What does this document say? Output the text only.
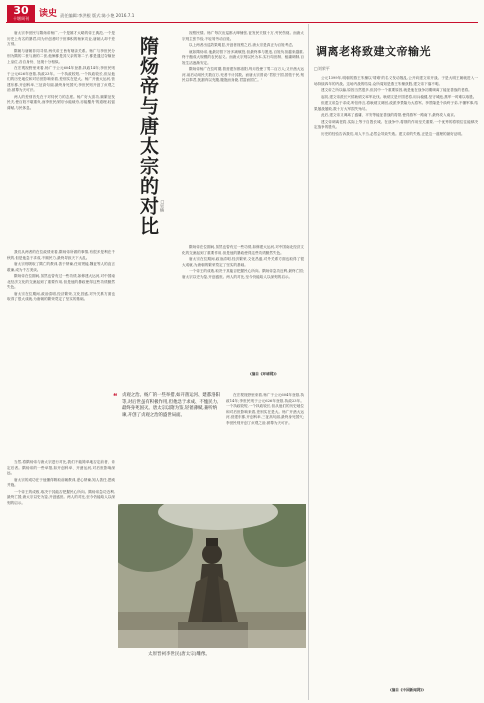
30
十堰周刊	读史 责任编辑:李洪根 版式:陈小艳 2016.7.1

唐太宗李世民与隋炀帝杨广,一个是雄才大略的帝王典范,一个是历史上有名的暴君,同为开创者时于世事积的杨家功业,唐朝人却千差万别。

隋朝与唐朝非同寻常,两代帝王皆有姻亲关系。杨广与李世民分别为隋的二世与唐的二世,他俩都是其父亲的第二子,都是通过夺嫡登上皇位,各自身份、处境十分相似。

在宏观视野里来看,杨广于公元604年登基,执政14年;李世民则于公元626年登基,执政23年。一个执政较短,一个执政较长,但从他们的历史地位和对后世影响来看,差别实在是大。杨广开凿大运河,营建东都,开创科举,三征高句丽,最终身死国灭;李世民则开创了贞观之治,被尊为天可汗。

两人的差别首先在于对待民力的态度。杨广好大喜功,频繁征发民夫,使百姓不堪重负,而李世民深知'水能载舟,亦能覆舟'的道理,轻徭薄赋,与民休息。

我们从两者的在位政绩来看,隋炀帝所做的事情,有很多是利在千秋的,但是他急于求成,不顾民力,最终导致天下大乱。

唐太宗则吸取了隋亡的教训,善于纳谏,任用贤能,魏征等人的直言敢谏,成为千古美谈。

隋炀帝在位期间,虽然也曾有过一些功绩,如修建大运河,对中国南北经济文化的交流起到了重要作用,但是他的暴政使得这些功绩黯然失色。

唐太宗在位期间,政治清明,经济繁荣,文化昌盛,对外关系方面也取得了很大成就,为唐朝的繁荣奠定了坚实的基础。

当然,将隋炀帝与唐太宗进行对比,我们不能简单地否定前者、肯定后者。隋炀帝的一些举措,如开创科举、开凿运河,对后世影响深远。

唐太宗的成功在于他懂得吸取前朝教训,虚心纳谏,知人善任,恩威并施。

一个帝王的成败,取决于其能否把握民心所向。隋炀帝急功近利,最终亡国;唐太宗以史为鉴,开创盛世。两人的对比,至今仍能给人以深刻的启示。

隋炀帝与唐太宗的对比 □吴楠

视察民情。杨广每次出巡都大肆铺张,征发民夫数十万,劳民伤财。而唐太宗则主张节俭,不轻易劳动百姓。

以上两者出巡效果明显,开创者视察之后,唐太宗是真正为百姓考虑。

就如隋炀帝,他最初曾下旨多减赋役,但最终事与愿违,百姓负担越来越重,终于酿成大规模的农民起义。而唐太宗则以民为本,实行均田制、租庸调制,百姓生活逐渐安定。

隋炀帝杨广在位时期,曾营建东都洛阳,每月役使丁男二百万人;又开凿大运河,前后动用民夫数百万,死者不计其数。而唐太宗曾说:'君依于国,国依于民,刻民以奉君,犹割肉以充腹,腹饱而身毙,君富而国亡。'

隋炀帝在位期间,虽然也曾有过一些功绩,如修建大运河,对中国南北经济文化的交流起到了重要作用,但是他的暴政使得这些功绩黯然失色。

唐太宗在位期间,政治清明,经济繁荣,文化昌盛,对外关系方面也取得了很大成就,为唐朝的繁荣奠定了坚实的基础。

一个帝王的成败,取决于其能否把握民心所向。隋炀帝急功近利,最终亡国;唐太宗以史为鉴,开创盛世。两人的对比,至今仍能给人以深刻的启示。

(摘自《环球网》)
❝ 贞观之治。杨广的一些举措,如开凿运河、建都洛阳等,对后世虽有积极作用,但他急于求成、不恤民力,最终身死国灭。唐太宗以隋为鉴,轻徭薄赋,兼听纳谏,开创了贞观之治的盛世局面。

在宏观视野里来看,杨广于公元604年登基,执政14年;李世民则于公元626年登基,执政23年。一个执政较短,一个执政较长,但从他们的历史地位和对后世影响来看,差别实在是大。杨广开凿大运河,营建东都,开创科举,三征高句丽,最终身死国灭;李世民则开创了贞观之治,被尊为天可汗。

太原晋祠李世民(唐太宗)雕像。
调离老将致建文帝输光
□刘荣平

公元1399年,明朝的燕王朱棣以'靖难'的名义发动叛乱,公开向建文帝开战。于是大明王朝就进入一场持续四年的内战。这场内战的结局,众所周知是燕王朱棣获胜,建文帝下落不明。

建文帝之所以输,原因当然很多,但其中一个重要原因,就是他在战争初期调离了能征善战的老将。

起初,建文帝派长兴侯耿炳文率军北伐。耿炳文是开国老将,用兵稳健,坚守城池,燕军一时难以取胜。

但建文帝急于求成,听信谗言,将耿炳文调回,改派李景隆为大将军。李景隆是个纨绔子弟,不懂军事,结果屡战屡败,数十万大军损失殆尽。

此后,建文帝又调离了盛庸、平安等能征善战的将领,使得燕军一路南下,最终攻入南京。

建文帝调离老将,实际上等于自毁长城。在战争中,将领的作用至关重要,一个优秀的将领往往能够决定战争的胜负。

历史的经验告诉我们,用人不当,必然会导致失败。建文帝的失败,正是这一道理的最好证明。

(摘自《中国新闻网》)
